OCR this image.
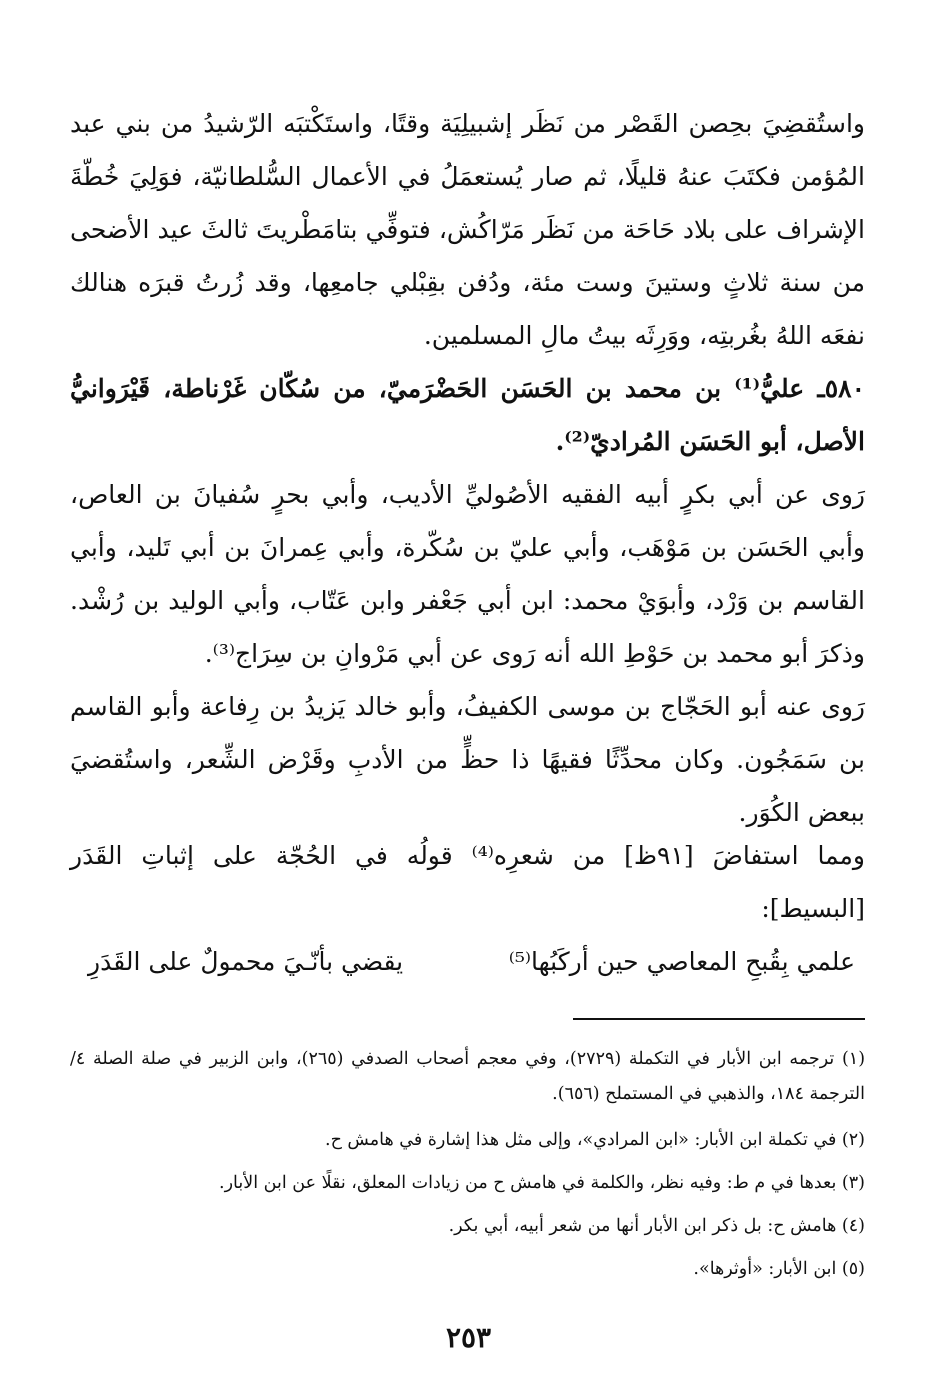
واستُقضِيَ بحِصن القَصْر من نَظَر إشبيلِيَة وقتًا، واستَكْتبَه الرّشيدُ من بني عبد المُؤمن فكتَبَ عنهُ قليلًا، ثم صار يُستعمَلُ في الأعمال السُّلطانيّة، فوَلِيَ خُطّةَ الإشراف على بلاد حَاحَة من نَظَر مَرّاكُش، فتوفِّي بتامَطْريتَ ثالثَ عيد الأضحى من سنة ثلاثٍ وستينَ وست مئة، ودُفن بقِبْلي جامعِها، وقد زُرتُ قبرَه هنالك نفعَه اللهُ بغُربتِه، ووَرِثَه بيتُ مالِ المسلمين.

٥٨٠ـ عليُّ⁽¹⁾ بن محمد بن الحَسَن الحَضْرَميّ، من سُكّان غَرْناطة، قَيْرَوانيُّ الأصل، أبو الحَسَن المُراديّ⁽²⁾.

رَوى عن أبي بكرٍ أبيه الفقيه الأصُوليِّ الأديب، وأبي بحرٍ سُفيانَ بن العاص، وأبي الحَسَن بن مَوْهَب، وأبي عليّ بن سُكّرة، وأبي عِمرانَ بن أبي تَليد، وأبي القاسم بن وَرْد، وأبوَيْ محمد: ابن أبي جَعْفر وابن عَتّاب، وأبي الوليد بن رُشْد. وذكرَ أبو محمد بن حَوْطِ الله أنه رَوى عن أبي مَرْوانِ بن سِرَاج⁽³⁾.

رَوى عنه أبو الحَجّاج بن موسى الكفيفُ، وأبو خالد يَزيدُ بن رِفاعة وأبو القاسم بن سَمَجُون. وكان محدِّثًا فقيهًا ذا حظٍّ من الأدبِ وقَرْض الشِّعر، واستُقضيَ ببعض الكُوَر.

ومما استفاضَ [٩١ظ] من شعرِه⁽⁴⁾ قولُه في الحُجّة على إثباتِ القَدَر [البسيط]:

علمي بِقُبحِ المعاصي حين أركَبُها⁽⁵⁾
يقضي بأنّـيَ محمولٌ على القَدَرِ

(١) ترجمه ابن الأبار في التكملة (٢٧٢٩)، وفي معجم أصحاب الصدفي (٢٦٥)، وابن الزبير في صلة الصلة ٤/ الترجمة ١٨٤، والذهبي في المستملح (٦٥٦).

(٢) في تكملة ابن الأبار: «ابن المرادي»، وإلى مثل هذا إشارة في هامش ح.

(٣) بعدها في م ط: وفيه نظر، والكلمة في هامش ح من زيادات المعلق، نقلًا عن ابن الأبار.

(٤) هامش ح: بل ذكر ابن الأبار أنها من شعر أبيه، أبي بكر.

(٥) ابن الأبار: «أوثرها».

٢٥٣
